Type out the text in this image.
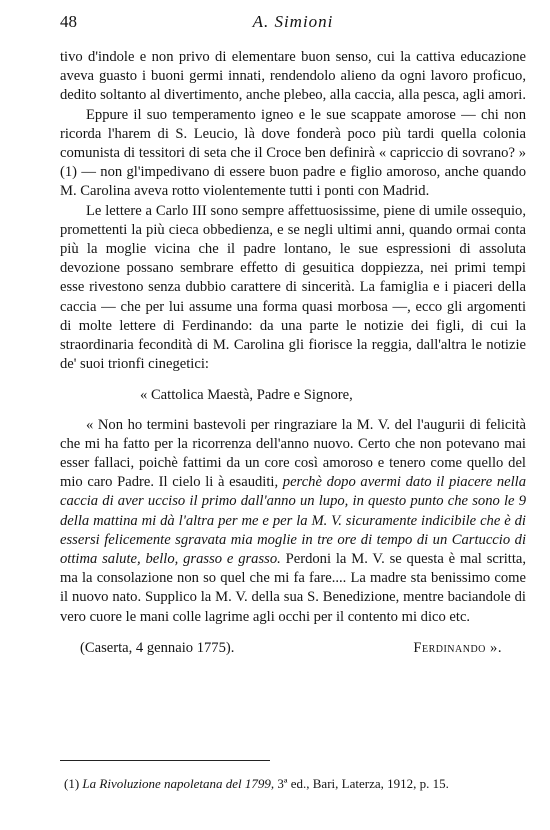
48	A. Simioni

tivo d'indole e non privo di elementare buon senso, cui la cattiva educazione aveva guasto i buoni germi innati, rendendolo alieno da ogni lavoro proficuo, dedito soltanto al divertimento, anche plebeo, alla caccia, alla pesca, agli amori.

Eppure il suo temperamento igneo e le sue scappate amorose — chi non ricorda l'harem di S. Leucio, là dove fonderà poco più tardi quella colonia comunista di tessitori di seta che il Croce ben definirà « capriccio di sovrano? » (1) — non gl'impedivano di essere buon padre e figlio amoroso, anche quando M. Carolina aveva rotto violentemente tutti i ponti con Madrid.

Le lettere a Carlo III sono sempre affettuosissime, piene di umile ossequio, promettenti la più cieca obbedienza, e se negli ultimi anni, quando ormai conta più la moglie vicina che il padre lontano, le sue espressioni di assoluta devozione possano sembrare effetto di gesuitica doppiezza, nei primi tempi esse rivestono senza dubbio carattere di sincerità. La famiglia e i piaceri della caccia — che per lui assume una forma quasi morbosa —, ecco gli argomenti di molte lettere di Ferdinando: da una parte le notizie dei figli, di cui la straordinaria fecondità di M. Carolina gli fiorisce la reggia, dall'altra le notizie de' suoi trionfi cinegetici:

« Cattolica Maestà, Padre e Signore,

« Non ho termini bastevoli per ringraziare la M. V. del l'augurii di felicità che mi ha fatto per la ricorrenza dell'anno nuovo. Certo che non potevano mai esser fallaci, poichè fattimi da un core così amoroso e tenero come quello del mio caro Padre. Il cielo li à esauditi, perchè dopo avermi dato il piacere nella caccia di aver ucciso il primo dall'anno un lupo, in questo punto che sono le 9 della mattina mi dà l'altra per me e per la M. V. sicuramente indicibile che è di essersi felicemente sgravata mia moglie in tre ore di tempo di un Cartuccio di ottima salute, bello, grasso e grasso. Perdoni la M. V. se questa è mal scritta, ma la consolazione non so quel che mi fa fare.... La madre sta benissimo come il nuovo nato. Supplico la M. V. della sua S. Benedizione, mentre baciandole di vero cuore le mani colle lagrime agli occhi per il contento mi dico etc.

(Caserta, 4 gennaio 1775).	Ferdinando ».
(1) La Rivoluzione napoletana del 1799, 3ª ed., Bari, Laterza, 1912, p. 15.
